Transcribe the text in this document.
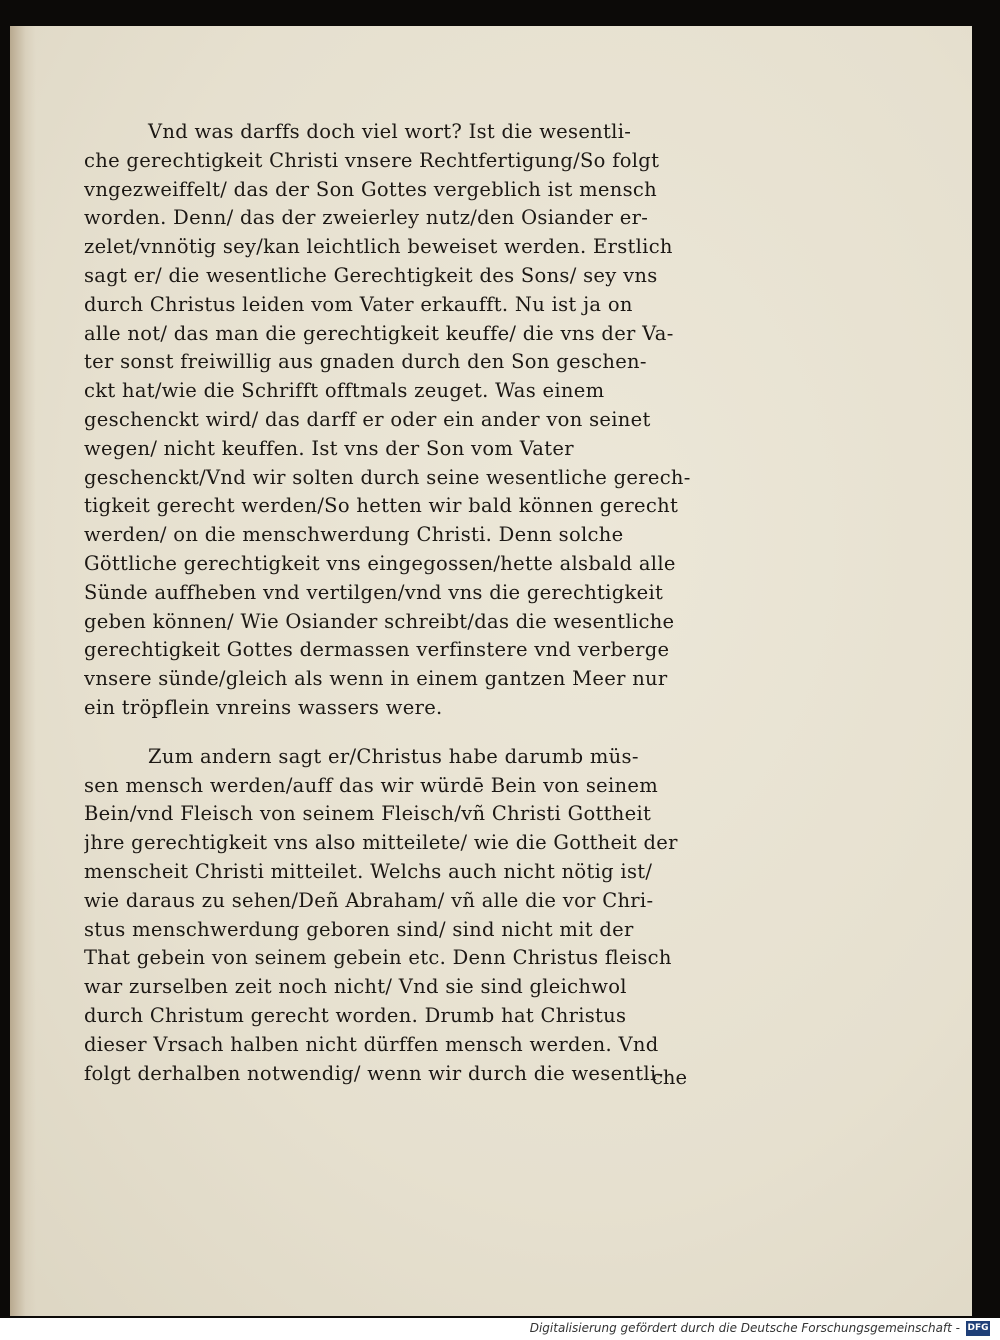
Vnd was darffs doch viel wort? Ist die wesentli-
che gerechtigkeit Christi vnsere Rechtfertigung/So folgt
vngezweiffelt/ das der Son Gottes vergeblich ist mensch
worden. Denn/ das der zweierley nutz/den Osiander er-
zelet/vnnötig sey/kan leichtlich beweiset werden. Erstlich
sagt er/ die wesentliche Gerechtigkeit des Sons/ sey vns
durch Christus leiden vom Vater erkaufft. Nu ist ja on
alle not/ das man die gerechtigkeit keuffe/ die vns der Va-
ter sonst freiwillig aus gnaden durch den Son geschen-
ckt hat/wie die Schrifft offtmals zeuget. Was einem
geschenckt wird/ das darff er oder ein ander von seinet
wegen/ nicht keuffen. Ist vns der Son vom Vater
geschenckt/Vnd wir solten durch seine wesentliche gerech-
tigkeit gerecht werden/So hetten wir bald können gerecht
werden/ on die menschwerdung Christi. Denn solche
Göttliche gerechtigkeit vns eingegossen/hette alsbald alle
Sünde auffheben vnd vertilgen/vnd vns die gerechtigkeit
geben können/ Wie Osiander schreibt/das die wesentliche
gerechtigkeit Gottes dermassen verfinstere vnd verberge
vnsere sünde/gleich als wenn in einem gantzen Meer nur
ein tröpflein vnreins wassers were.
Zum andern sagt er/Christus habe darumb müs-
sen mensch werden/auff das wir würdē Bein von seinem
Bein/vnd Fleisch von seinem Fleisch/vñ Christi Gottheit
jhre gerechtigkeit vns also mitteilete/ wie die Gottheit der
menscheit Christi mitteilet. Welchs auch nicht nötig ist/
wie daraus zu sehen/Deñ Abraham/ vñ alle die vor Chri-
stus menschwerdung geboren sind/ sind nicht mit der
That gebein von seinem gebein etc. Denn Christus fleisch
war zurselben zeit noch nicht/ Vnd sie sind gleichwol
durch Christum gerecht worden. Drumb hat Christus
dieser Vrsach halben nicht dürffen mensch werden. Vnd
folgt derhalben notwendig/ wenn wir durch die wesentli-
che
Digitalisierung gefördert durch die Deutsche Forschungsgemeinschaft - DFG
